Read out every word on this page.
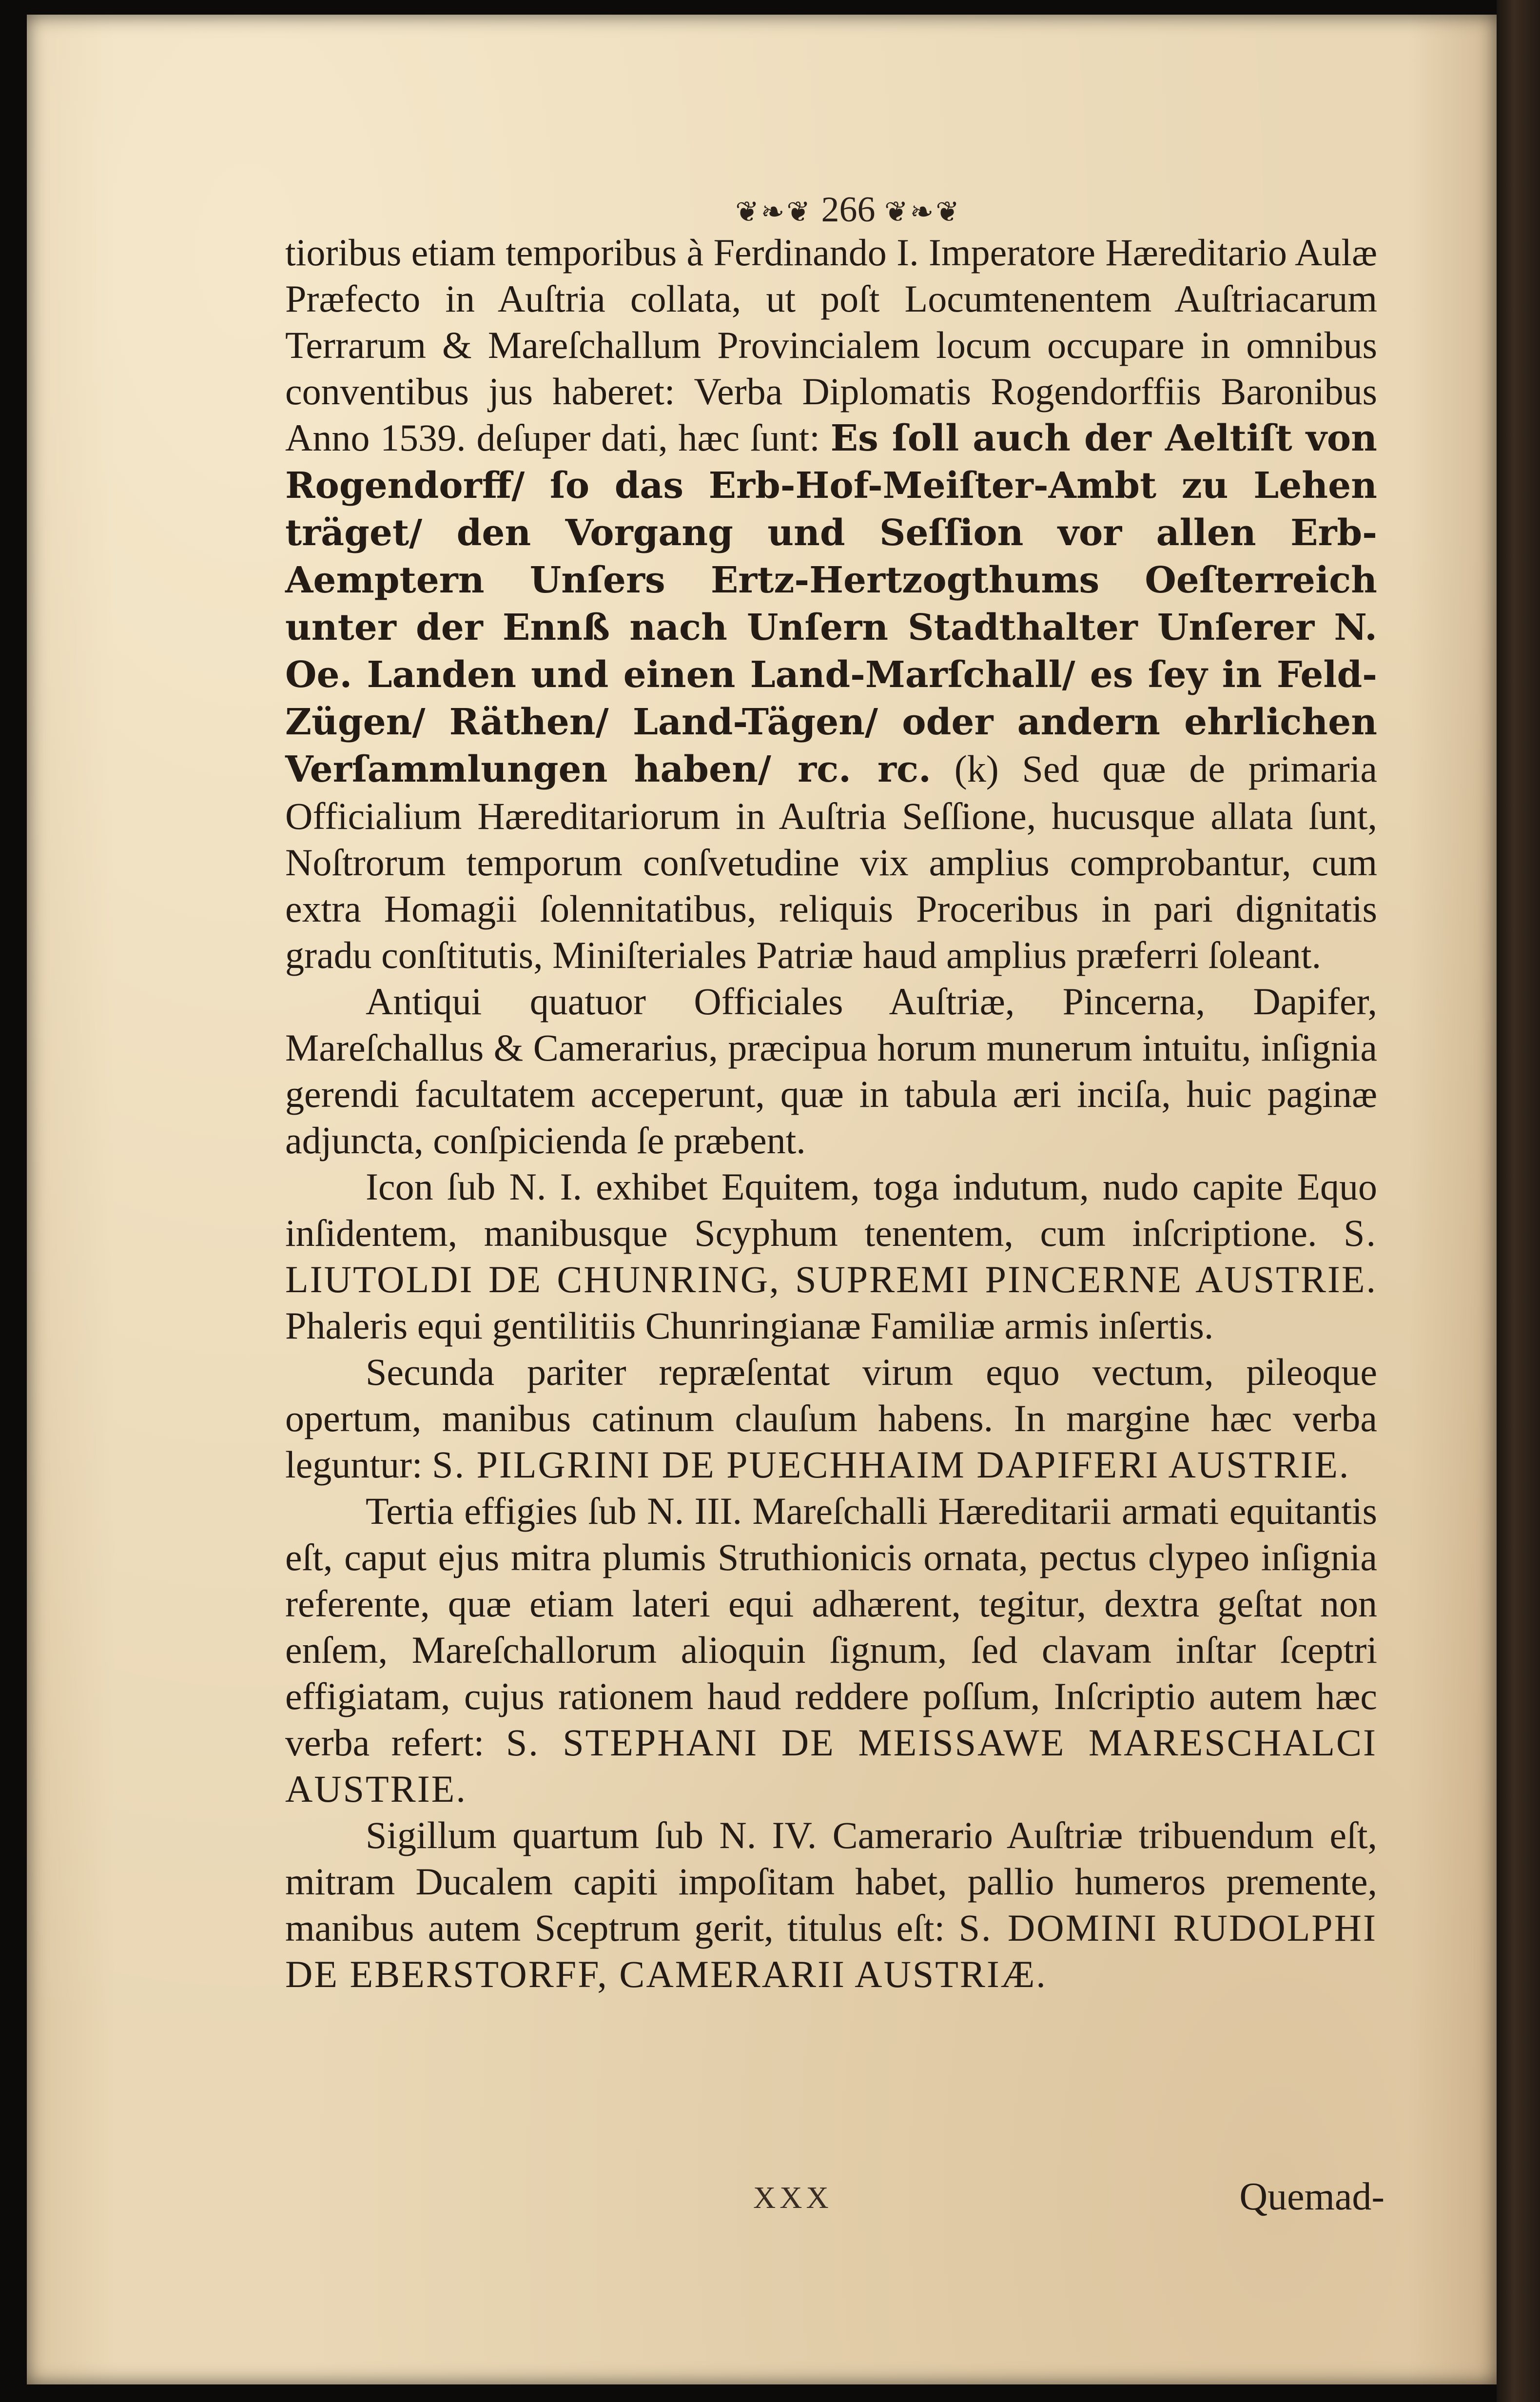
❦❧❦ 266 ❦❧❦

tioribus etiam temporibus à Ferdinando I. Imperatore Hæreditario Aulæ Præfecto in Auſtria collata, ut poſt Locumtenentem Auſtriacarum Terrarum & Mareſchallum Provincialem locum occupare in omnibus conventibus jus haberet: Verba Diplomatis Rogendorffiis Baronibus Anno 1539. deſuper dati, hæc ſunt: Es ſoll auch der Aeltiſt von Rogendorff/ ſo das Erb-Hof-Meiſter-Ambt zu Lehen träget/ den Vorgang und Seſſion vor allen Erb-Aemptern Unſers Ertz-Hertzogthums Oeſterreich unter der Ennß nach Unſern Stadthalter Unſerer N. Oe. Landen und einen Land-Marſchall/ es ſey in Feld-Zügen/ Räthen/ Land-Tägen/ oder andern ehrlichen Verſammlungen haben/ rc. rc. (k) Sed quæ de primaria Officialium Hæreditariorum in Auſtria Seſſione, hucusque allata ſunt, Noſtrorum temporum conſvetudine vix amplius comprobantur, cum extra Homagii ſolennitatibus, reliquis Proceribus in pari dignitatis gradu conſtitutis, Miniſteriales Patriæ haud amplius præferri ſoleant.

Antiqui quatuor Officiales Auſtriæ, Pincerna, Dapifer, Mareſchallus & Camerarius, præcipua horum munerum intuitu, inſignia gerendi facultatem acceperunt, quæ in tabula æri inciſa, huic paginæ adjuncta, conſpicienda ſe præbent.

Icon ſub N. I. exhibet Equitem, toga indutum, nudo capite Equo inſidentem, manibusque Scyphum tenentem, cum inſcriptione. S. LIUTOLDI DE CHUNRING, SUPREMI PINCERNE AUSTRIE. Phaleris equi gentilitiis Chunringianæ Familiæ armis inſertis.

Secunda pariter repræſentat virum equo vectum, pileoque opertum, manibus catinum clauſum habens. In margine hæc verba leguntur: S. PILGRINI DE PUECHHAIM DAPIFERI AUSTRIE.

Tertia effigies ſub N. III. Mareſchalli Hæreditarii armati equitantis eſt, caput ejus mitra plumis Struthionicis ornata, pectus clypeo inſignia referente, quæ etiam lateri equi adhærent, tegitur, dextra geſtat non enſem, Mareſchallorum alioquin ſignum, ſed clavam inſtar ſceptri effigiatam, cujus rationem haud reddere poſſum, Inſcriptio autem hæc verba refert: S. STEPHANI DE MEISSAWE MARESCHALCI AUSTRIE.

Sigillum quartum ſub N. IV. Camerario Auſtriæ tribuendum eſt, mitram Ducalem capiti impoſitam habet, pallio humeros premente, manibus autem Sceptrum gerit, titulus eſt: S. DOMINI RUDOLPHI DE EBERSTORFF, CAMERARII AUSTRIÆ.

XXX	Quemad-
